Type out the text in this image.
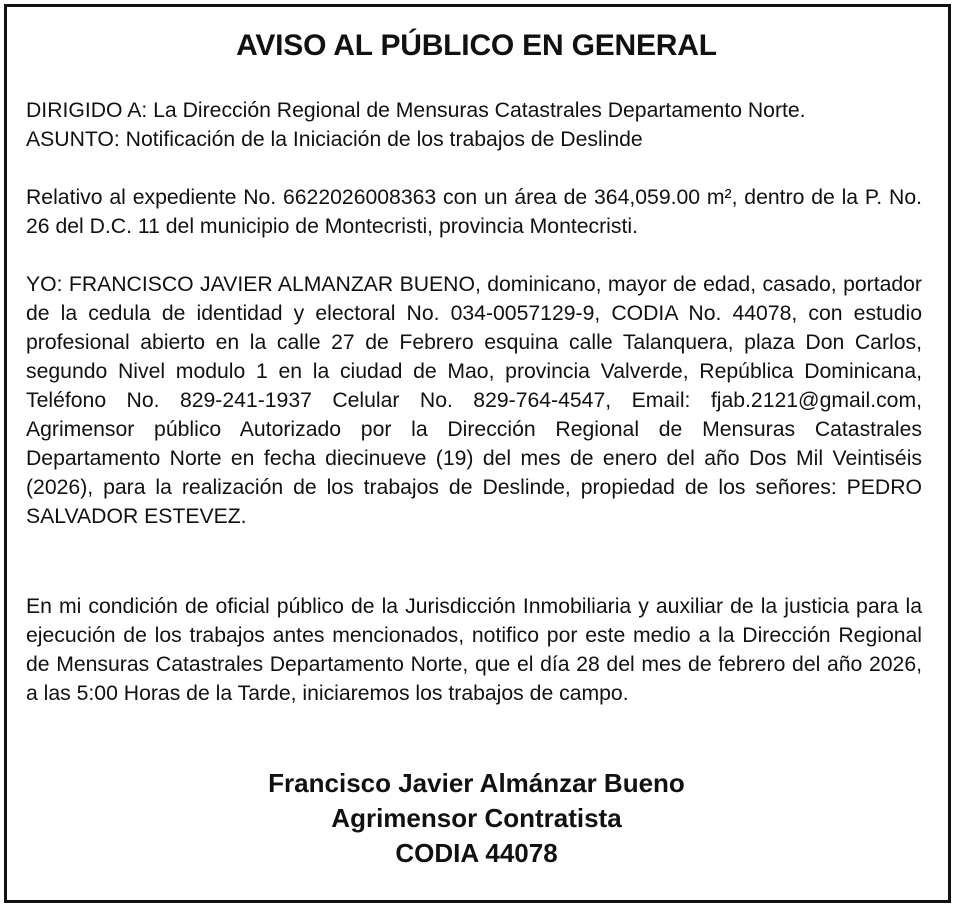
AVISO AL PÚBLICO EN GENERAL

DIRIGIDO A: La Dirección Regional de Mensuras Catastrales Departamento Norte.

ASUNTO: Notificación de la Iniciación de los trabajos de Deslinde

Relativo al expediente No. 6622026008363 con un área de 364,059.00 m², dentro de la P. No. 26 del D.C. 11 del municipio de Montecristi, provincia Montecristi.

YO: FRANCISCO JAVIER ALMANZAR BUENO, dominicano, mayor de edad, casado, portador de la cedula de identidad y electoral No. 034-0057129-9, CODIA No. 44078, con estudio profesional abierto en la calle 27 de Febrero esquina calle Talanquera, plaza Don Carlos, segundo Nivel modulo 1 en la ciudad de Mao, provincia Valverde, República Dominicana, Teléfono No. 829-241-1937 Celular No. 829-764-4547, Email: fjab.2121@gmail.com, Agrimensor público Autorizado por la Dirección Regional de Mensuras Catastrales Departamento Norte en fecha diecinueve (19) del mes de enero del año Dos Mil Veintiséis (2026), para la realización de los trabajos de Deslinde, propiedad de los señores: PEDRO SALVADOR ESTEVEZ.

En mi condición de oficial público de la Jurisdicción Inmobiliaria y auxiliar de la justicia para la ejecución de los trabajos antes mencionados, notifico por este medio a la Dirección Regional de Mensuras Catastrales Departamento Norte, que el día 28 del mes de febrero del año 2026, a las 5:00 Horas de la Tarde, iniciaremos los trabajos de campo.

Francisco Javier Almánzar Bueno
Agrimensor Contratista
CODIA 44078
